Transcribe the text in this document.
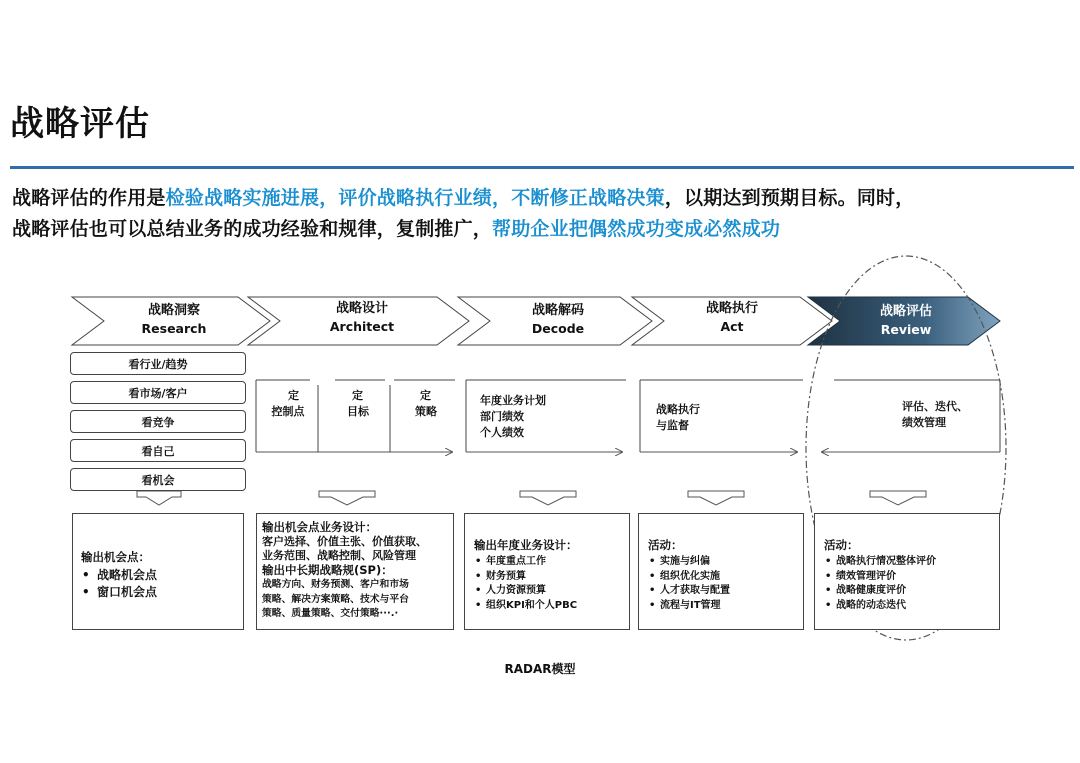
战略评估
战略评估的作用是检验战略实施进展，评价战略执行业绩，不断修正战略决策，以期达到预期目标。同时，
战略评估也可以总结业务的成功经验和规律，复制推广，帮助企业把偶然成功变成必然成功
战略洞察
Research
战略设计
Architect
战略解码
Decode
战略执行
Act
战略评估
Review
看行业/趋势
看市场/客户
看竞争
看自己
看机会
定
控制点
定
目标
定
策略
年度业务计划
部门绩效
个人绩效
战略执行
与监督
评估、迭代、
绩效管理
输出机会点：
• 战略机会点
• 窗口机会点
输出机会点业务设计：
客户选择、价值主张、价值获取、
业务范围、战略控制、风险管理
输出中长期战略规(SP)：
战略方向、财务预测、客户和市场
策略、解决方案策略、技术与平台
策略、质量策略、交付策略···.·
输出年度业务设计：
• 年度重点工作
• 财务预算
• 人力资源预算
• 组织KPI和个人PBC
活动：
• 实施与纠偏
• 组织优化实施
• 人才获取与配置
• 流程与IT管理
活动：
• 战略执行情况整体评价
• 绩效管理评价
• 战略健康度评价
• 战略的动态迭代
RADAR模型
